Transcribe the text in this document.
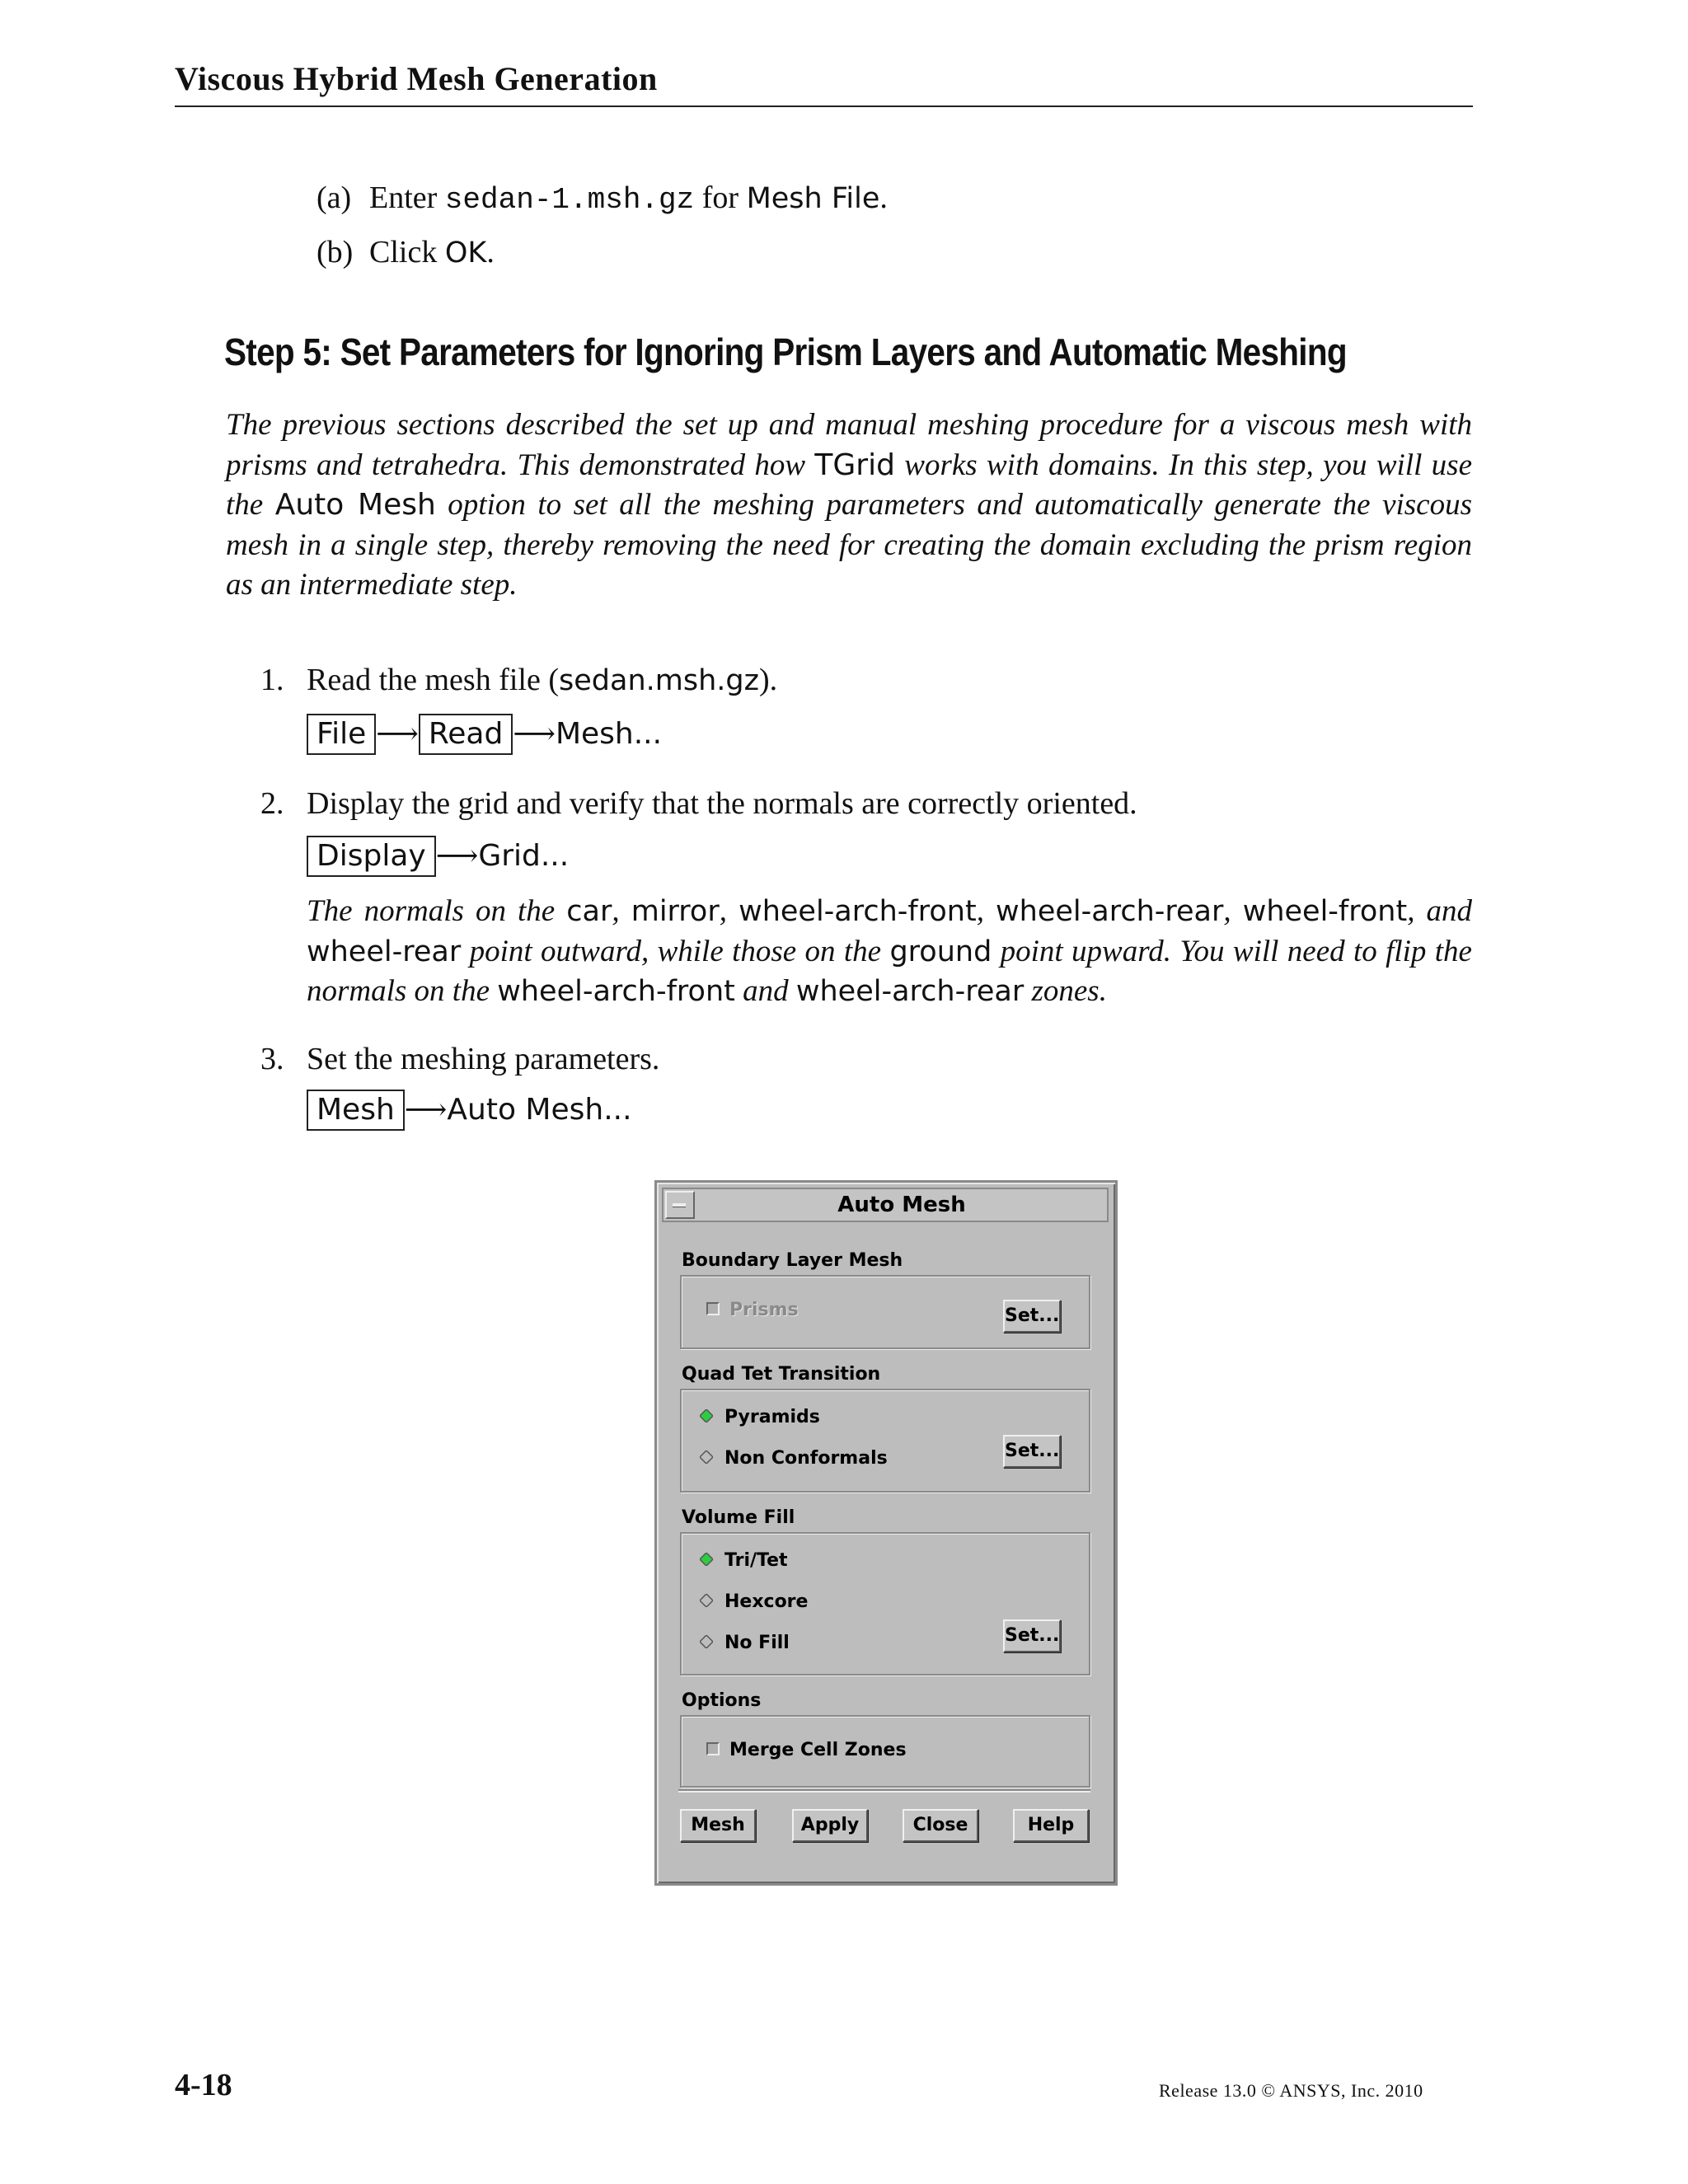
Viscous Hybrid Mesh Generation
(a) Enter sedan-1.msh.gz for Mesh File.
(b) Click OK.
Step 5: Set Parameters for Ignoring Prism Layers and Automatic Meshing
The previous sections described the set up and manual meshing procedure for a viscous mesh with prisms and tetrahedra. This demonstrated how TGrid works with domains. In this step, you will use the Auto Mesh option to set all the meshing parameters and automatically generate the viscous mesh in a single step, thereby removing the need for creating the domain excluding the prism region as an intermediate step.
1. Read the mesh file (sedan.msh.gz).
File ⟶ Read ⟶Mesh...
2. Display the grid and verify that the normals are correctly oriented.
Display ⟶Grid...
The normals on the car, mirror, wheel-arch-front, wheel-arch-rear, wheel-front, and wheel-rear point outward, while those on the ground point upward. You will need to flip the normals on the wheel-arch-front and wheel-arch-rear zones.
3. Set the meshing parameters.
Mesh ⟶Auto Mesh...
Auto Mesh
Boundary Layer Mesh
Prisms	Set...
Quad Tet Transition
Pyramids
Non Conformals	Set...
Volume Fill
Tri/Tet
Hexcore
No Fill	Set...
Options
Merge Cell Zones
Mesh	Apply	Close	Help
4-18	Release 13.0 © ANSYS, Inc. 2010
